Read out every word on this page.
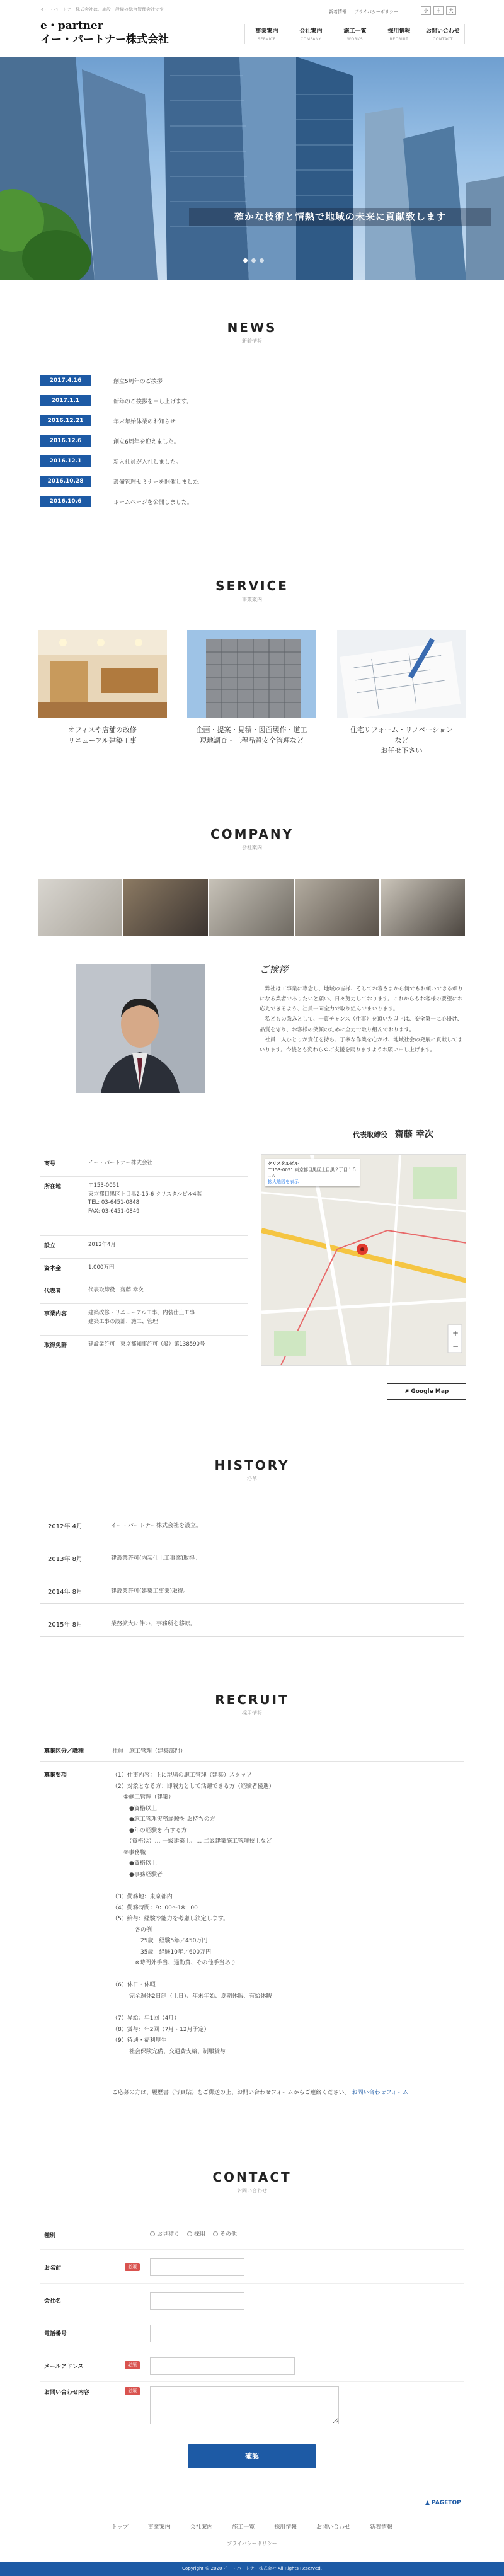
イー・パートナー株式会社は、施設・設備の総合管理会社です
e・partner
イー・パートナー株式会社
新着情報 プライバシーポリシー	小	中	大
事業案内
SERVICE
会社案内
COMPANY
施工一覧
WORKS
採用情報
RECRUIT
お問い合わせ
CONTACT
確かな技術と情熱で地域の未来に貢献致します
NEWS
新着情報
2017.4.16	創立5周年のご挨拶
2017.1.1	新年のご挨拶を申し上げます。
2016.12.21	年末年始休業のお知らせ
2016.12.6	創立6周年を迎えました。
2016.12.1	新入社員が入社しました。
2016.10.28	設備管理セミナーを開催しました。
2016.10.6	ホームページを公開しました。
SERVICE
事業案内
オフィスや店舗の改修
リニューアル建築工事
企画・提案・見積・図面製作・道工
現地調査・工程品質安全管理など
住宅リフォーム・リノベーション
など
お任せ下さい
COMPANY
会社案内
ご挨拶
　弊社は工事業に専念し、地域の皆様、そしてお客さまから何でもお頼いできる頼りになる業者でありたいと願い、日々努力しております。これからもお客様の要望にお応えできるよう、社員一同全力で取り組んでまいります。
　私どもの強みとして、一貫チャンス（仕事）を頂いた以上は、安全第一に心掛け、品質を守り、お客様の笑顔のために全力で取り組んでおります。
　社員一人ひとりが責任を持ち、丁寧な作業を心がけ、地域社会の発展に貢献してまいります。今後とも変わらぬご支援を賜りますようお願い申し上げます。
代表取締役 齋藤 幸次
商号	イー・パートナー株式会社
所在地	〒153-0051
東京都目黒区上目黒2-15-6 クリスタルビル4階
TEL: 03-6451-0848
FAX: 03-6451-0849
設立	2012年4月
資本金	1,000万円
代表者	代表取締役　齋藤 幸次
事業内容	建築改修・リニューアル工事、内装仕上工事
建築工事の設計、施工、管理
取得免許	建設業許可　東京都知事許可（般）第138590号
+
−
クリスタルビル
〒153-0051 東京都目黒区上目黒２丁目１５−６
拡大地図を表示
⬈ Google Map
HISTORY
沿革
2012年 4月	イー・パートナー株式会社を設立。
2013年 8月	建設業許可(内装仕上工事業)取得。
2014年 8月	建設業許可(建築工事業)取得。
2015年 8月	業務拡大に伴い、事務所を移転。
RECRUIT
採用情報
募集区分／職種	社員　施工管理（建築部門）
募集要項	（1）仕事内容：主に現場の施工管理（建築）スタッフ
（2）対象となる方：即戦力として活躍できる方（経験者優遇）
　　①施工管理（建築）
　　　●資格以上
　　　●施工管理実務経験を お持ちの方
　　　●年の経験を 有する方
　　　（資格は）… 一級建築士、… 二級建築施工管理技士など
　　②事務職
　　　●資格以上
　　　●事務経験者

（3）勤務地：東京都内
（4）勤務時間：9：00〜18：00
（5）給与：経験や能力を考慮し決定します。
　　　　各の例
　　　　　25歳　経験5年／450万円
　　　　　35歳　経験10年／600万円
　　　　※時間外手当、通勤費、その他手当あり

（6）休日・休暇
　　　完全週休2日制（土日）、年末年始、夏期休暇、有給休暇

（7）昇給：年1回（4月）
（8）賞与：年2回（7月・12月予定）
（9）待遇・福利厚生
　　　社会保険完備、交通費支給、制服貸与
ご応募の方は、履歴書（写真貼）をご郵送の上、お問い合わせフォームからご連絡ください。 お問い合わせフォーム
CONTACT
お問い合わせ
種別	お見積り	採用	その他
お名前	必須
会社名
電話番号
メールアドレス	必須
お問い合わせ内容	必須
確認
▲ PAGETOP
トップ	事業案内	会社案内	施工一覧	採用情報	お問い合わせ	新着情報
プライバシーポリシー
Copyright © 2020 イー・パートナー株式会社 All Rights Reserved.
